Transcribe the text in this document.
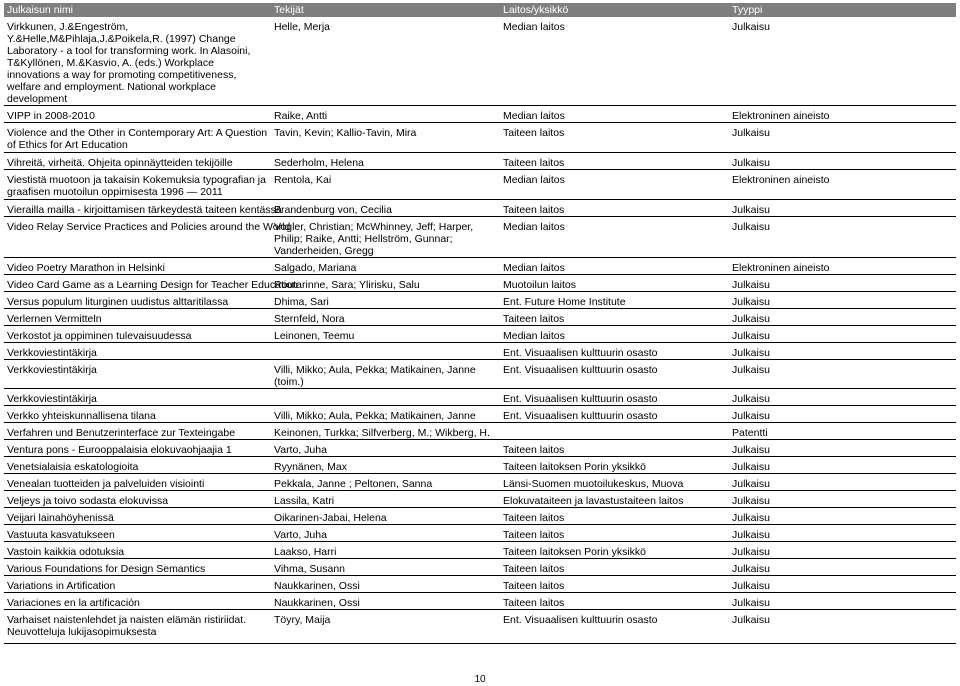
Julkaisun nimi	Tekijät	Laitos/yksikkö	Tyyppi
Virkkunen, J.&Engeström, Y.&Helle,M&Pihlaja,J.&Poikela,R. (1997) Change Laboratory - a tool for transforming work. In Alasoini, T&Kyllönen, M.&Kasvio, A. (eds.) Workplace innovations a way for promoting competitiveness, welfare and employment. National workplace development	Helle, Merja	Median laitos	Julkaisu
VIPP in 2008-2010	Raike, Antti	Median laitos	Elektroninen aineisto
Violence and the Other in Contemporary Art: A Question of Ethics for Art Education	Tavin, Kevin; Kallio-Tavin, Mira	Taiteen laitos	Julkaisu
Vihreitä, virheitä. Ohjeita opinnäytteiden tekijöille	Sederholm, Helena	Taiteen laitos	Julkaisu
Viestistä muotoon ja takaisin Kokemuksia typografian ja graafisen muotoilun oppimisesta 1996 — 2011	Rentola, Kai	Median laitos	Elektroninen aineisto
Vierailla mailla - kirjoittamisen tärkeydestä taiteen kentässä	Brandenburg von, Cecilia	Taiteen laitos	Julkaisu
Video Relay Service Practices and Policies around the World	Vogler, Christian; McWhinney, Jeff; Harper, Philip; Raike, Antti; Hellström, Gunnar; Vanderheiden, Gregg	Median laitos	Julkaisu
Video Poetry Marathon in Helsinki	Salgado, Mariana	Median laitos	Elektroninen aineisto
Video Card Game as a Learning Design for Teacher Education	Routarinne, Sara; Ylirisku, Salu	Muotoilun laitos	Julkaisu
Versus populum liturginen uudistus alttaritilassa	Dhima, Sari	Ent. Future Home Institute	Julkaisu
Verlernen Vermitteln	Sternfeld, Nora	Taiteen laitos	Julkaisu
Verkostot ja oppiminen tulevaisuudessa	Leinonen, Teemu	Median laitos	Julkaisu
Verkkoviestintäkirja		Ent. Visuaalisen kulttuurin osasto	Julkaisu
Verkkoviestintäkirja	Villi, Mikko; Aula, Pekka; Matikainen, Janne (toim.)	Ent. Visuaalisen kulttuurin osasto	Julkaisu
Verkkoviestintäkirja		Ent. Visuaalisen kulttuurin osasto	Julkaisu
Verkko yhteiskunnallisena tilana	Villi, Mikko; Aula, Pekka; Matikainen, Janne	Ent. Visuaalisen kulttuurin osasto	Julkaisu
Verfahren und Benutzerinterface zur Texteingabe	Keinonen, Turkka; Silfverberg, M.; Wikberg, H.		Patentti
Ventura pons - Eurooppalaisia elokuvaohjaajia 1	Varto, Juha	Taiteen laitos	Julkaisu
Venetsialaisia eskatologioita	Ryynänen, Max	Taiteen laitoksen Porin yksikkö	Julkaisu
Venealan tuotteiden ja palveluiden visiointi	Pekkala, Janne ; Peltonen, Sanna	Länsi-Suomen muotoilukeskus, Muova	Julkaisu
Veljeys ja toivo sodasta elokuvissa	Lassila, Katri	Elokuvataiteen ja lavastustaiteen laitos	Julkaisu
Veijari lainahöyhenissä	Oikarinen-Jabai, Helena	Taiteen laitos	Julkaisu
Vastuuta kasvatukseen	Varto, Juha	Taiteen laitos	Julkaisu
Vastoin kaikkia odotuksia	Laakso, Harri	Taiteen laitoksen Porin yksikkö	Julkaisu
Various Foundations for Design Semantics	Vihma, Susann	Taiteen laitos	Julkaisu
Variations in Artification	Naukkarinen, Ossi	Taiteen laitos	Julkaisu
Variaciones en la artificación	Naukkarinen, Ossi	Taiteen laitos	Julkaisu
Varhaiset naistenlehdet ja naisten elämän ristiriidat. Neuvotteluja lukijasopimuksesta	Töyry, Maija	Ent. Visuaalisen kulttuurin osasto	Julkaisu
10
